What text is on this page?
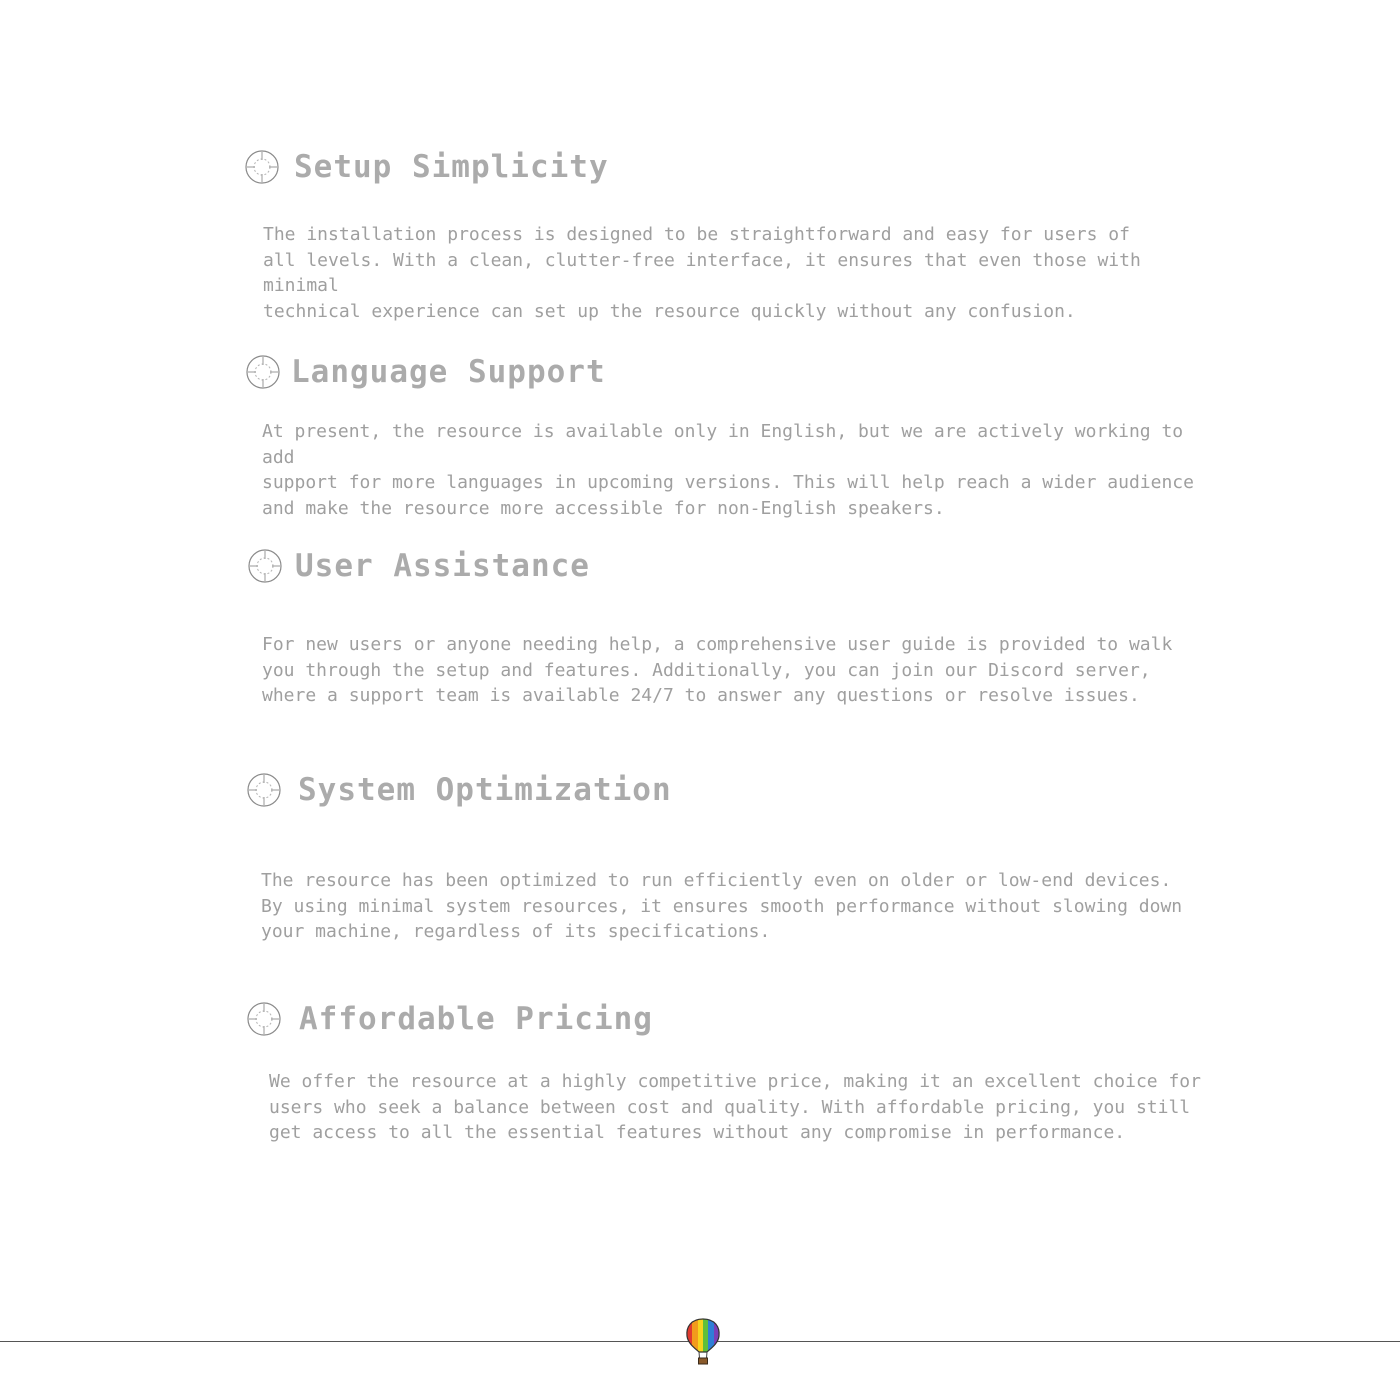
Setup Simplicity

The installation process is designed to be straightforward and easy for users of
all levels. With a clean, clutter-free interface, it ensures that even those with minimal
technical experience can set up the resource quickly without any confusion.

Language Support

At present, the resource is available only in English, but we are actively working to add
support for more languages in upcoming versions. This will help reach a wider audience
and make the resource more accessible for non-English speakers.

User Assistance

For new users or anyone needing help, a comprehensive user guide is provided to walk
you through the setup and features. Additionally, you can join our Discord server,
where a support team is available 24/7 to answer any questions or resolve issues.

System Optimization

The resource has been optimized to run efficiently even on older or low-end devices.
By using minimal system resources, it ensures smooth performance without slowing down
your machine, regardless of its specifications.

Affordable Pricing

We offer the resource at a highly competitive price, making it an excellent choice for
users who seek a balance between cost and quality. With affordable pricing, you still
get access to all the essential features without any compromise in performance.
